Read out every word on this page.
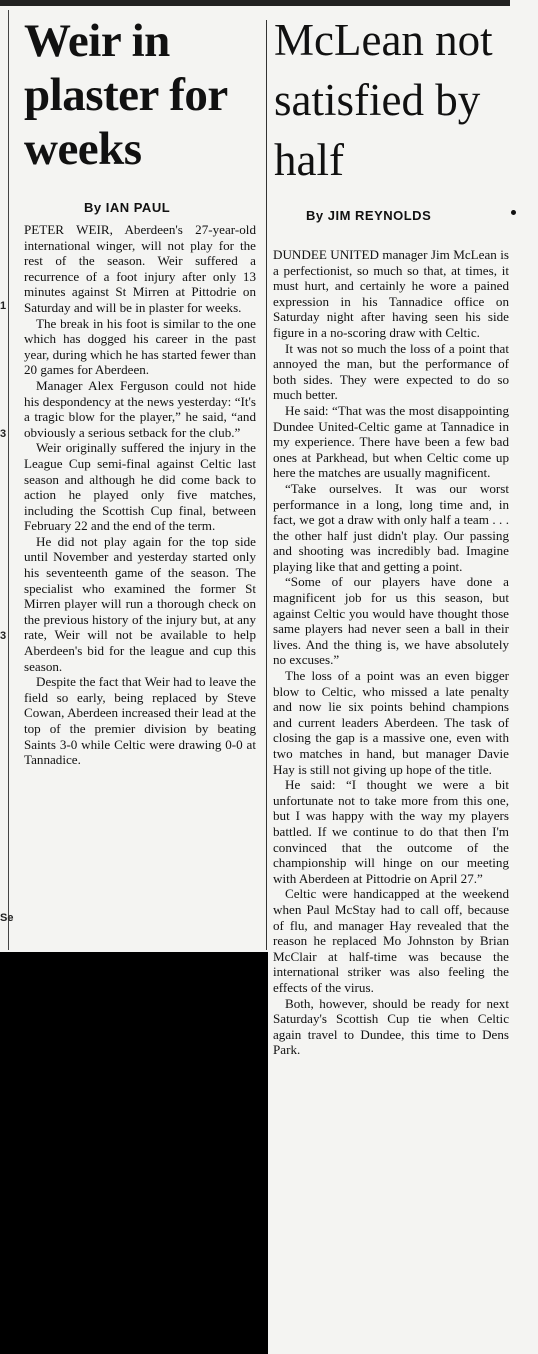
1
3
3
Se
Weir in plaster for weeks
By IAN PAUL

PETER WEIR, Aberdeen's 27-year-old international winger, will not play for the rest of the season. Weir suffered a recurrence of a foot injury after only 13 minutes against St Mirren at Pittodrie on Saturday and will be in plaster for weeks.

The break in his foot is similar to the one which has dogged his career in the past year, during which he has started fewer than 20 games for Aberdeen.

Manager Alex Ferguson could not hide his despondency at the news yesterday: “It's a tragic blow for the player,” he said, “and obviously a serious setback for the club.”

Weir originally suffered the injury in the League Cup semi-final against Celtic last season and although he did come back to action he played only five matches, including the Scottish Cup final, between February 22 and the end of the term.

He did not play again for the top side until November and yesterday started only his seventeenth game of the season. The specialist who examined the former St Mirren player will run a thorough check on the previous history of the injury but, at any rate, Weir will not be available to help Aberdeen's bid for the league and cup this season.

Despite the fact that Weir had to leave the field so early, being replaced by Steve Cowan, Aberdeen increased their lead at the top of the premier division by beating Saints 3-0 while Celtic were drawing 0-0 at Tannadice.

McLean not satisfied by half
By JIM REYNOLDS

DUNDEE UNITED manager Jim McLean is a perfectionist, so much so that, at times, it must hurt, and certainly he wore a pained expression in his Tannadice office on Saturday night after having seen his side figure in a no-scoring draw with Celtic.

It was not so much the loss of a point that annoyed the man, but the performance of both sides. They were expected to do so much better.

He said: “That was the most disappointing Dundee United-Celtic game at Tannadice in my experience. There have been a few bad ones at Parkhead, but when Celtic come up here the matches are usually magnificent.

“Take ourselves. It was our worst performance in a long, long time and, in fact, we got a draw with only half a team . . . the other half just didn't play. Our passing and shooting was incredibly bad. Imagine playing like that and getting a point.

“Some of our players have done a magnificent job for us this season, but against Celtic you would have thought those same players had never seen a ball in their lives. And the thing is, we have absolutely no excuses.”

The loss of a point was an even bigger blow to Celtic, who missed a late penalty and now lie six points behind champions and current leaders Aberdeen. The task of closing the gap is a massive one, even with two matches in hand, but manager Davie Hay is still not giving up hope of the title.

He said: “I thought we were a bit unfortunate not to take more from this one, but I was happy with the way my players battled. If we continue to do that then I'm convinced that the outcome of the championship will hinge on our meeting with Aberdeen at Pittodrie on April 27.”

Celtic were handicapped at the weekend when Paul McStay had to call off, because of flu, and manager Hay revealed that the reason he replaced Mo Johnston by Brian McClair at half-time was because the international striker was also feeling the effects of the virus.

Both, however, should be ready for next Saturday's Scottish Cup tie when Celtic again travel to Dundee, this time to Dens Park.
